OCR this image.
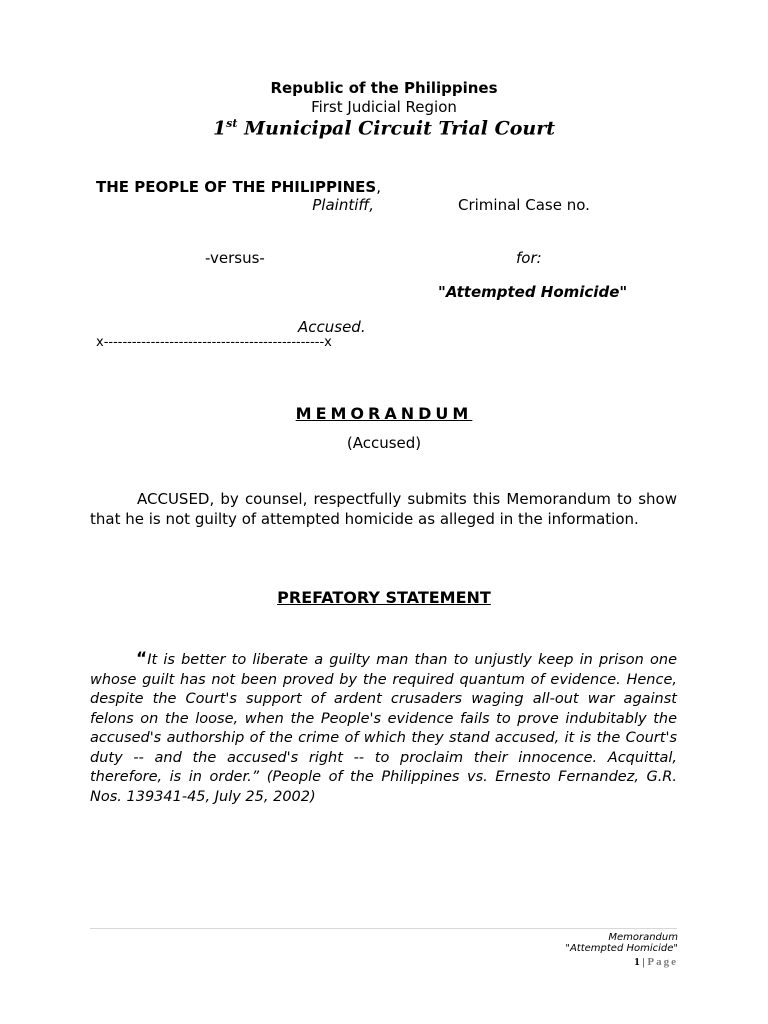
Republic of the Philippines
First Judicial Region
1st Municipal Circuit Trial Court
THE PEOPLE OF THE PHILIPPINES,
Plaintiff,	Criminal Case no.
-versus-	for:
"Attempted Homicide"
Accused.
x-----------------------------------------------x
MEMORANDUM
(Accused)
ACCUSED, by counsel, respectfully submits this Memorandum to show that he is not guilty of attempted homicide as alleged in the information.
PREFATORY STATEMENT
“It is better to liberate a guilty man than to unjustly keep in prison one whose guilt has not been proved by the required quantum of evidence. Hence, despite the Court's support of ardent crusaders waging all-out war against felons on the loose, when the People's evidence fails to prove indubitably the accused's authorship of the crime of which they stand accused, it is the Court's duty -- and the accused's right -- to proclaim their innocence. Acquittal, therefore, is in order.” (People of the Philippines vs. Ernesto Fernandez, G.R. Nos. 139341-45, July 25, 2002)
Memorandum
"Attempted Homicide"
1 | Page
